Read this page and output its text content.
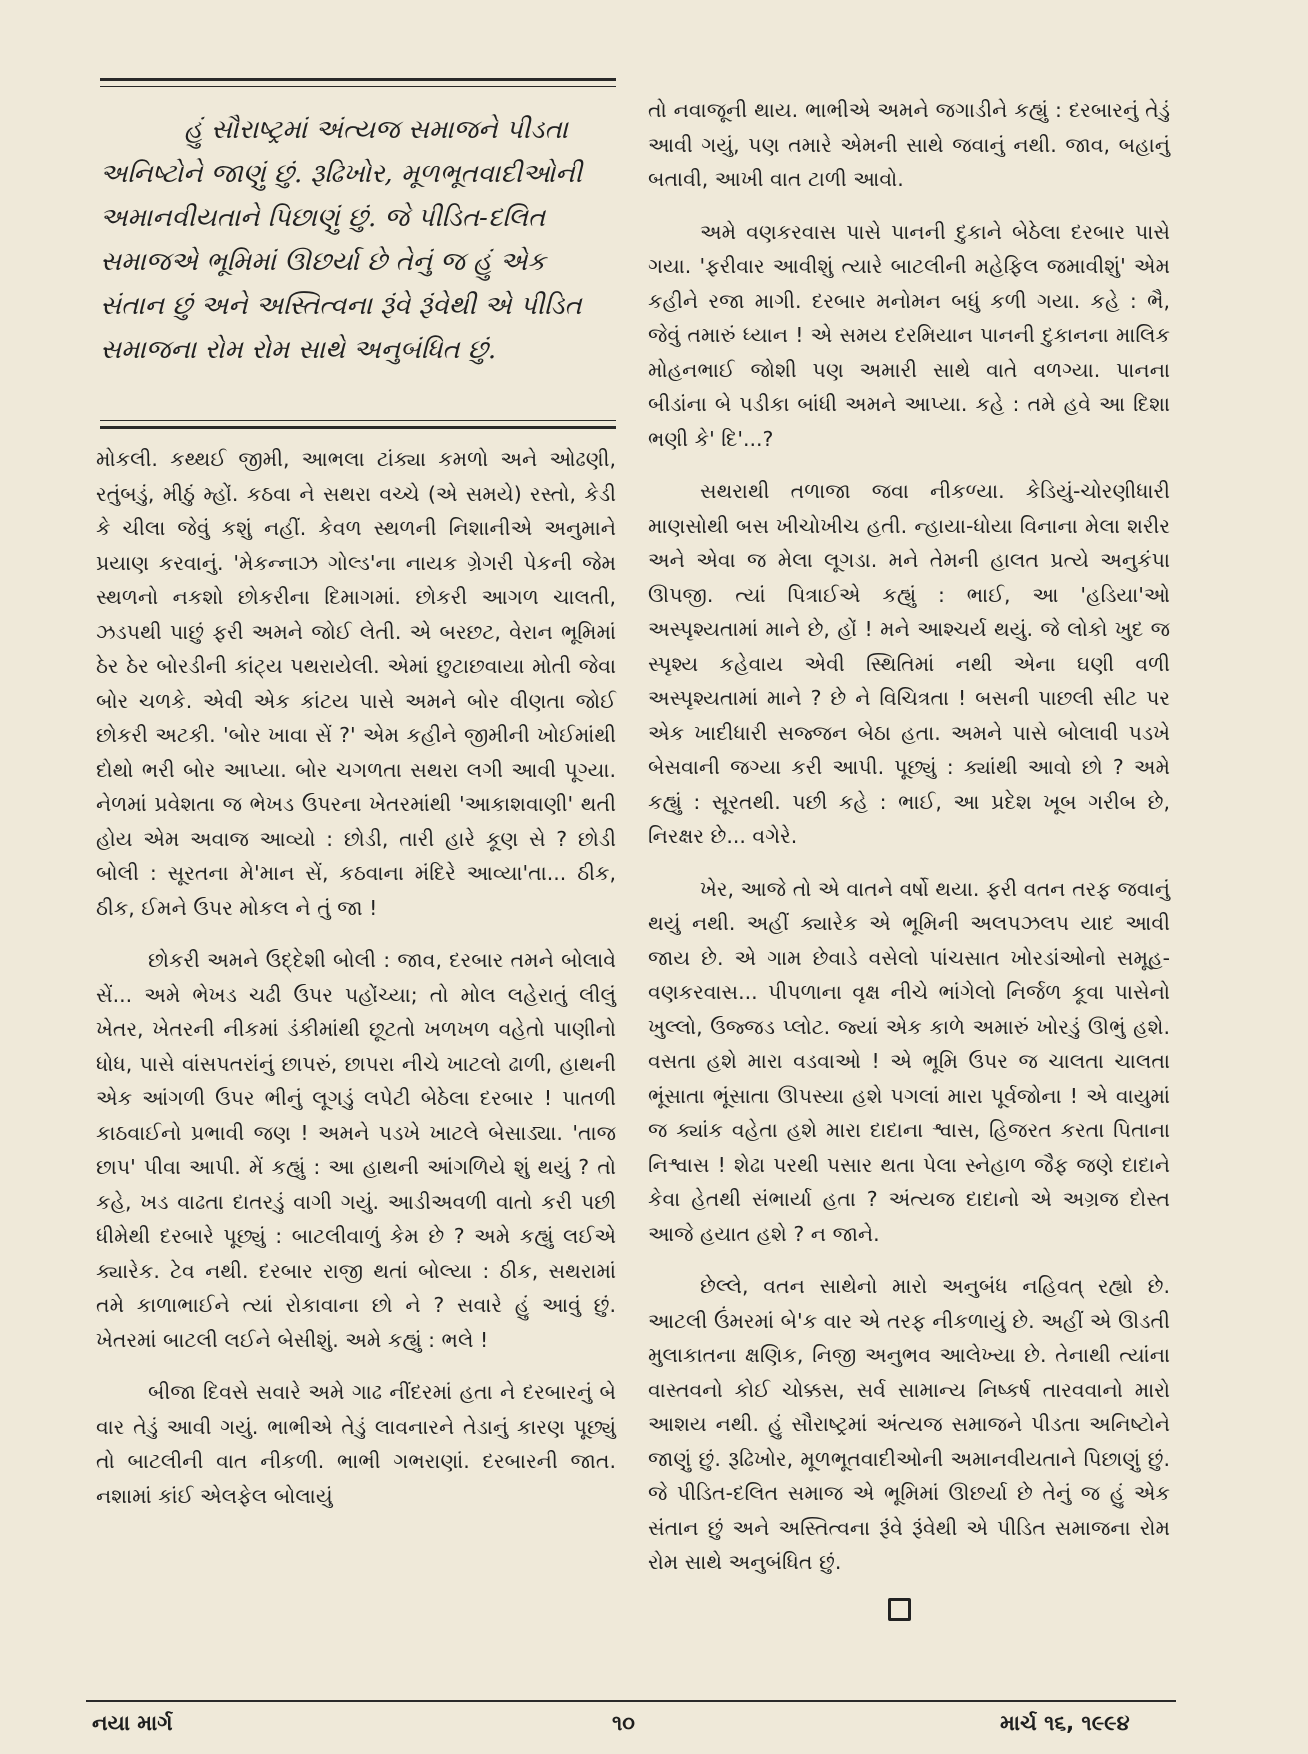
હું સૌરાષ્ટ્રમાં અંત્યજ સમાજને પીડતા અનિષ્ટોને જાણું છું. રૂઢિખોર, મૂળભૂતવાદીઓની અમાનવીયતાને પિછાણું છું. જે પીડિત-દલિત સમાજએ ભૂમિમાં ઊછર્યા છે તેનું જ હું એક સંતાન છું અને અસ્તિત્વના રૂંવે રૂંવેથી એ પીડિત સમાજના રોમ રોમ સાથે અનુબંધિત છું.

મોકલી. કથ્થઈ જીમી, આભલા ટાંક્યા કમળો અને ઓઢણી, રતુંબડું, મીઠું મ્હોં. કઠવા ને સથરા વચ્ચે (એ સમયે) રસ્તો, કેડી કે ચીલા જેવું કશું નહીં. કેવળ સ્થળની નિશાનીએ અનુમાને પ્રયાણ કરવાનું. 'મેકન્નાઝ ગોલ્ડ'ના નાયક ગ્રેગરી પેકની જેમ સ્થળનો નકશો છોકરીના દિમાગમાં. છોકરી આગળ ચાલતી, ઝડપથી પાછું ફરી અમને જોઈ લેતી. એ બરછટ, વેરાન ભૂમિમાં ઠેર ઠેર બોરડીની કાંટ્ય પથરાયેલી. એમાં છુટાછવાયા મોતી જેવા બોર ચળકે. એવી એક કાંટય પાસે અમને બોર વીણતા જોઈ છોકરી અટકી. 'બોર ખાવા સેં ?' એમ કહીને જીમીની ખોઈમાંથી દોથો ભરી બોર આપ્યા. બોર ચગળતા સથરા લગી આવી પૂગ્યા. નેળમાં પ્રવેશતા જ ભેખડ ઉપરના ખેતરમાંથી 'આકાશવાણી' થતી હોય એમ અવાજ આવ્યો : છોડી, તારી હારે કૂણ સે ? છોડી બોલી : સૂરતના મે'માન સેં, કઠવાના મંદિરે આવ્યા'તા... ઠીક, ઠીક, ઈમને ઉપર મોકલ ને તું જા !

છોકરી અમને ઉદ્દેશી બોલી : જાવ, દરબાર તમને બોલાવે સેં... અમે ભેખડ ચઢી ઉપર પહોંચ્યા; તો મોલ લહેરાતું લીલું ખેતર, ખેતરની નીકમાં ડંકીમાંથી છૂટતો ખળખળ વહેતો પાણીનો ધોધ, પાસે વાંસપતરાંનું છાપરું, છાપરા નીચે ખાટલો ઢાળી, હાથની એક આંગળી ઉપર ભીનું લૂગડું લપેટી બેઠેલા દરબાર ! પાતળી કાઠવાઈનો પ્રભાવી જણ ! અમને પડખે ખાટલે બેસાડ્યા. 'તાજ છાપ' પીવા આપી. મેં કહ્યું : આ હાથની આંગળિયે શું થયું ? તો કહે, ખડ વાઢતા દાતરડું વાગી ગયું. આડીઅવળી વાતો કરી પછી ધીમેથી દરબારે પૂછ્યું : બાટલીવાળું કેમ છે ? અમે કહ્યું લઈએ ક્યારેક. ટેવ નથી. દરબાર રાજી થતાં બોલ્યા : ઠીક, સથરામાં તમે કાળાભાઈને ત્યાં રોકાવાના છો ને ? સવારે હું આવું છું. ખેતરમાં બાટલી લઈને બેસીશું. અમે કહ્યું : ભલે !

બીજા દિવસે સવારે અમે ગાઢ નીંદરમાં હતા ને દરબારનું બે વાર તેડું આવી ગયું. ભાભીએ તેડું લાવનારને તેડાનું કારણ પૂછ્યું તો બાટલીની વાત નીકળી. ભાભી ગભરાણાં. દરબારની જાત. નશામાં કાંઈ એલફેલ બોલાયું

તો નવાજૂની થાય. ભાભીએ અમને જગાડીને કહ્યું : દરબારનું તેડું આવી ગયું, પણ તમારે એમની સાથે જવાનું નથી. જાવ, બહાનું બતાવી, આખી વાત ટાળી આવો.

અમે વણકરવાસ પાસે પાનની દુકાને બેઠેલા દરબાર પાસે ગયા. 'ફરીવાર આવીશું ત્યારે બાટલીની મહેફિલ જમાવીશું' એમ કહીને રજા માગી. દરબાર મનોમન બધું કળી ગયા. કહે : ભૈ, જેવું તમારું ધ્યાન ! એ સમય દરમિયાન પાનની દુકાનના માલિક મોહનભાઈ જોશી પણ અમારી સાથે વાતે વળગ્યા. પાનના બીડાંના બે પડીકા બાંધી અમને આપ્યા. કહે : તમે હવે આ દિશા ભણી કે' દિ'...?

સથરાથી તળાજા જવા નીકળ્યા. કેડિયું-ચોરણીધારી માણસોથી બસ ખીચોખીચ હતી. ન્હાયા-ધોયા વિનાના મેલા શરીર અને એવા જ મેલા લૂગડા. મને તેમની હાલત પ્રત્યે અનુકંપા ઊપજી. ત્યાં પિત્રાઈએ કહ્યું : ભાઈ, આ 'હડિયા'ઓ અસ્પૃશ્યતામાં માને છે, હોં ! મને આશ્ચર્ય થયું. જે લોકો ખુદ જ સ્પૃશ્ય કહેવાય એવી સ્થિતિમાં નથી એના ઘણી વળી અસ્પૃશ્યતામાં માને ? છે ને વિચિત્રતા ! બસની પાછલી સીટ પર એક ખાદીધારી સજ્જન બેઠા હતા. અમને પાસે બોલાવી પડખે બેસવાની જગ્યા કરી આપી. પૂછ્યું : ક્યાંથી આવો છો ? અમે કહ્યું : સૂરતથી. પછી કહે : ભાઈ, આ પ્રદેશ ખૂબ ગરીબ છે, નિરક્ષર છે... વગેરે.

ખેર, આજે તો એ વાતને વર્ષો થયા. ફરી વતન તરફ જવાનું થયું નથી. અહીં ક્યારેક એ ભૂમિની અલપઝલપ યાદ આવી જાય છે. એ ગામ છેવાડે વસેલો પાંચસાત ખોરડાંઓનો સમૂહ- વણકરવાસ... પીપળાના વૃક્ષ નીચે ભાંગેલો નિર્જળ કૂવા પાસેનો ખુલ્લો, ઉજ્જડ પ્લોટ. જ્યાં એક કાળે અમારું ખોરડું ઊભું હશે. વસતા હશે મારા વડવાઓ ! એ ભૂમિ ઉપર જ ચાલતા ચાલતા ભૂંસાતા ભૂંસાતા ઊપસ્યા હશે પગલાં મારા પૂર્વજોના ! એ વાયુમાં જ ક્યાંક વહેતા હશે મારા દાદાના શ્વાસ, હિજરત કરતા પિતાના નિશ્વાસ ! શેઢા પરથી પસાર થતા પેલા સ્નેહાળ જૈફ જણે દાદાને કેવા હેતથી સંભાર્યા હતા ? અંત્યજ દાદાનો એ અગ્રજ દોસ્ત આજે હયાત હશે ? ન જાને.

છેલ્લે, વતન સાથેનો મારો અનુબંધ નહિવત્ રહ્યો છે. આટલી ઉંમરમાં બે'ક વાર એ તરફ નીકળાયું છે. અહીં એ ઊડતી મુલાકાતના ક્ષણિક, નિજી અનુભવ આલેખ્યા છે. તેનાથી ત્યાંના વાસ્તવનો કોઈ ચોક્કસ, સર્વ સામાન્ય નિષ્કર્ષ તારવવાનો મારો આશય નથી. હું સૌરાષ્ટ્રમાં અંત્યજ સમાજને પીડતા અનિષ્ટોને જાણું છું. રૂઢિખોર, મૂળભૂતવાદીઓની અમાનવીયતાને પિછાણું છું. જે પીડિત-દલિત સમાજ એ ભૂમિમાં ઊછર્યા છે તેનું જ હું એક સંતાન છું અને અસ્તિત્વના રૂંવે રૂંવેથી એ પીડિત સમાજના રોમ રોમ સાથે અનુબંધિત છું.

નયા માર્ગ	૧૦	માર્ચ ૧૬, ૧૯૯૪
